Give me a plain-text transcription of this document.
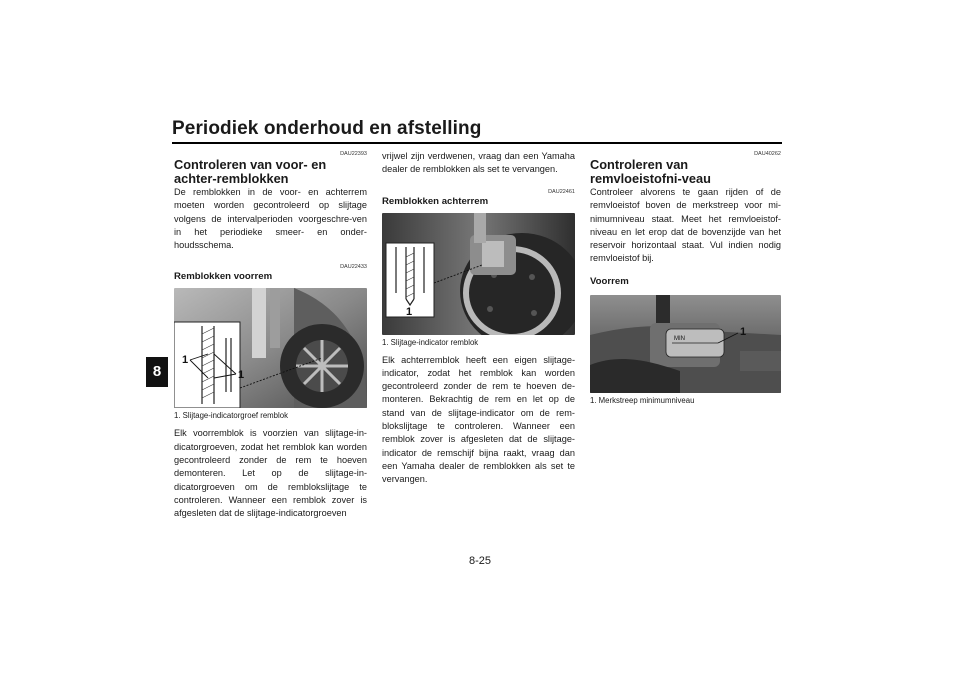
Periodiek onderhoud en afstelling
8
DAU22393
Controleren van voor- en achter-remblokken

De remblokken in de voor- en achterrem moeten worden gecontroleerd op slijtage volgens de intervalperioden voorgeschre-ven in het periodieke smeer- en onder-houdsschema.

DAU22433
Remblokken voorrem
1
1
1. Slijtage-indicatorgroef remblok

Elk voorremblok is voorzien van slijtage-in-dicatorgroeven, zodat het remblok kan worden gecontroleerd zonder de rem te hoeven demonteren. Let op de slijtage-in-dicatorgroeven om de remblokslijtage te controleren. Wanneer een remblok zover is afgesleten dat de slijtage-indicatorgroeven

vrijwel zijn verdwenen, vraag dan een Yamaha dealer de remblokken als set te vervangen.

DAU22461
Remblokken achterrem
1
1. Slijtage-indicator remblok

Elk achterremblok heeft een eigen slijtage-indicator, zodat het remblok kan worden gecontroleerd zonder de rem te hoeven de-monteren. Bekrachtig de rem en let op de stand van de slijtage-indicator om de rem-blokslijtage te controleren. Wanneer een remblok zover is afgesleten dat de slijtage-indicator de remschijf bijna raakt, vraag dan een Yamaha dealer de remblokken als set te vervangen.

DAU40262
Controleren van remvloeistofni-veau

Controleer alvorens te gaan rijden of de remvloeistof boven de merkstreep voor mi-nimumniveau staat. Meet het remvloeistof-niveau en let erop dat de bovenzijde van het reservoir horizontaal staat. Vul indien nodig remvloeistof bij.

Voorrem
MIN
1
1. Merkstreep minimumniveau
8-25
